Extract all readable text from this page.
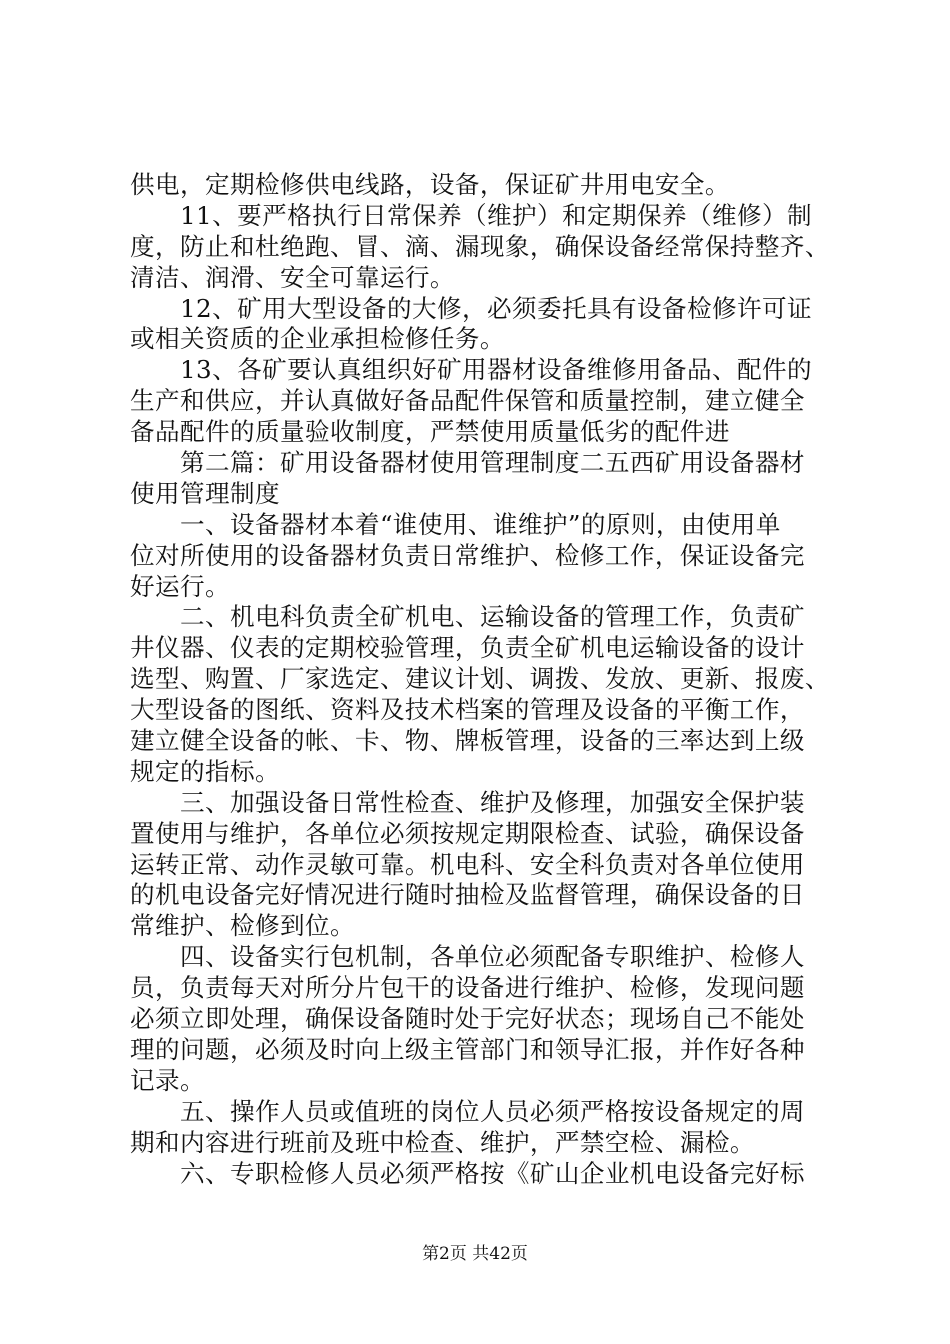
供电，定期检修供电线路，设备，保证矿井用电安全。
　　11、要严格执行日常保养（维护）和定期保养（维修）制
度，防止和杜绝跑、冒、滴、漏现象，确保设备经常保持整齐、
清洁、润滑、安全可靠运行。
　　12、矿用大型设备的大修，必须委托具有设备检修许可证
或相关资质的企业承担检修任务。
　　13、各矿要认真组织好矿用器材设备维修用备品、配件的
生产和供应，并认真做好备品配件保管和质量控制，建立健全
备品配件的质量验收制度，严禁使用质量低劣的配件进
　　第二篇：矿用设备器材使用管理制度二五西矿用设备器材
使用管理制度
　　一、设备器材本着“谁使用、谁维护”的原则，由使用单
位对所使用的设备器材负责日常维护、检修工作，保证设备完
好运行。
　　二、机电科负责全矿机电、运输设备的管理工作，负责矿
井仪器、仪表的定期校验管理，负责全矿机电运输设备的设计
选型、购置、厂家选定、建议计划、调拨、发放、更新、报废、
大型设备的图纸、资料及技术档案的管理及设备的平衡工作，
建立健全设备的帐、卡、物、牌板管理，设备的三率达到上级
规定的指标。
　　三、加强设备日常性检查、维护及修理，加强安全保护装
置使用与维护，各单位必须按规定期限检查、试验，确保设备
运转正常、动作灵敏可靠。机电科、安全科负责对各单位使用
的机电设备完好情况进行随时抽检及监督管理，确保设备的日
常维护、检修到位。
　　四、设备实行包机制，各单位必须配备专职维护、检修人
员，负责每天对所分片包干的设备进行维护、检修，发现问题
必须立即处理，确保设备随时处于完好状态；现场自己不能处
理的问题，必须及时向上级主管部门和领导汇报，并作好各种
记录。
　　五、操作人员或值班的岗位人员必须严格按设备规定的周
期和内容进行班前及班中检查、维护，严禁空检、漏检。
　　六、专职检修人员必须严格按《矿山企业机电设备完好标
第2页 共42页
